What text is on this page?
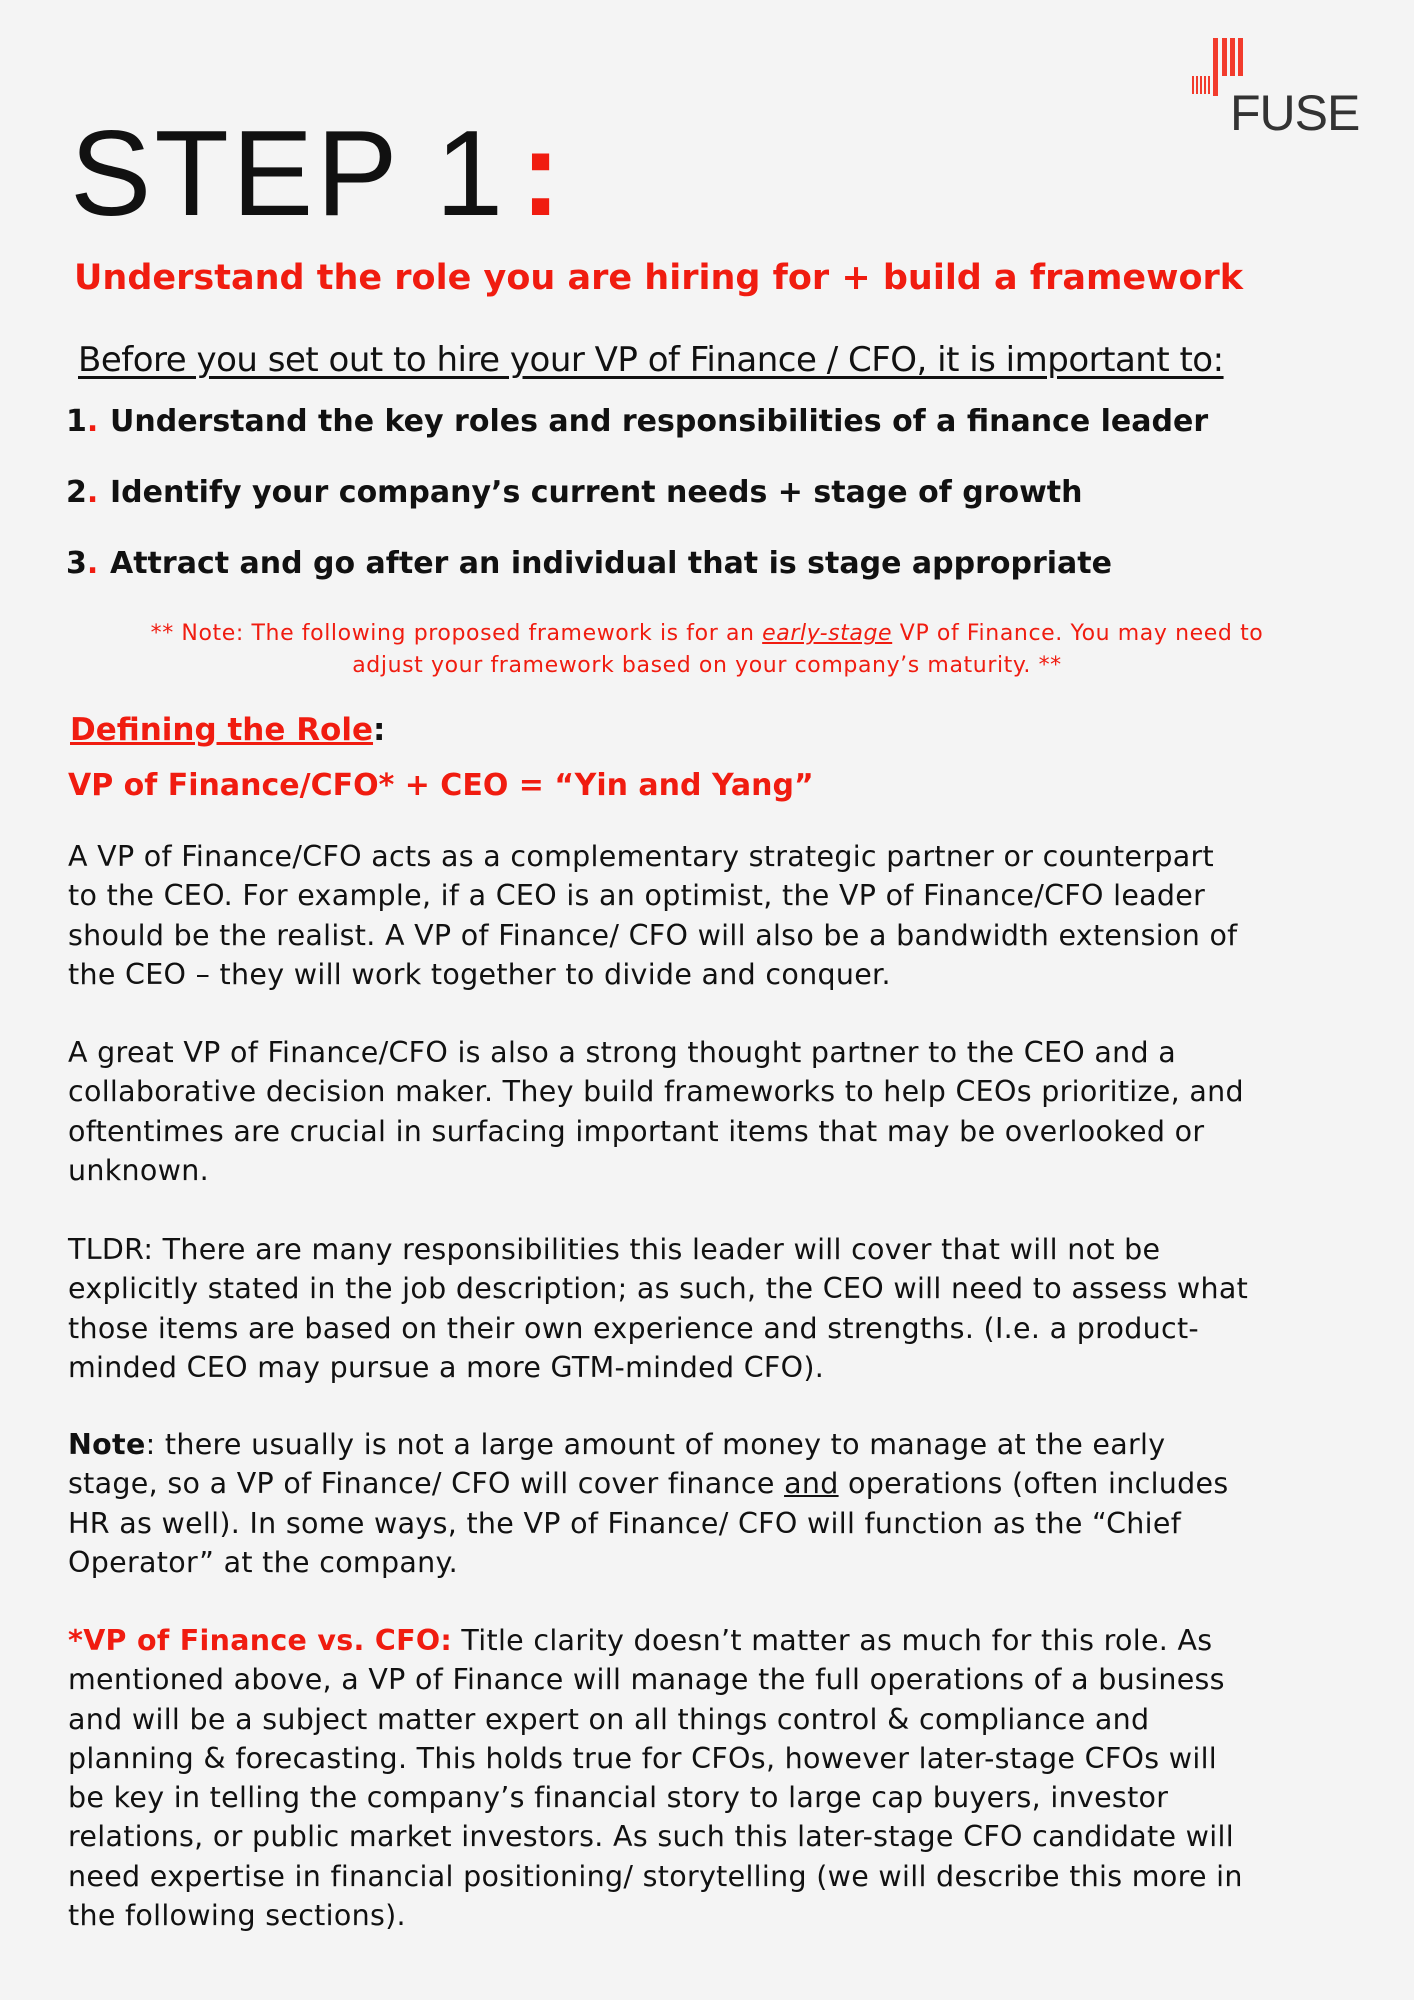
FUSE
STEP 1 :
Understand the role you are hiring for + build a framework
Before you set out to hire your VP of Finance / CFO, it is important to:
1. Understand the key roles and responsibilities of a finance leader
2. Identify your company’s current needs + stage of growth
3. Attract and go after an individual that is stage appropriate
** Note: The following proposed framework is for an early-stage VP of Finance. You may need to
adjust your framework based on your company’s maturity. **
Defining the Role:
VP of Finance/CFO* + CEO = “Yin and Yang”
A VP of Finance/CFO acts as a complementary strategic partner or counterpart
to the CEO. For example, if a CEO is an optimist, the VP of Finance/CFO leader
should be the realist. A VP of Finance/ CFO will also be a bandwidth extension of
the CEO – they will work together to divide and conquer.
A great VP of Finance/CFO is also a strong thought partner to the CEO and a
collaborative decision maker. They build frameworks to help CEOs prioritize, and
oftentimes are crucial in surfacing important items that may be overlooked or
unknown.
TLDR: There are many responsibilities this leader will cover that will not be
explicitly stated in the job description; as such, the CEO will need to assess what
those items are based on their own experience and strengths. (I.e. a product-
minded CEO may pursue a more GTM-minded CFO).
Note: there usually is not a large amount of money to manage at the early
stage, so a VP of Finance/ CFO will cover finance and operations (often includes
HR as well). In some ways, the VP of Finance/ CFO will function as the “Chief
Operator” at the company.
*VP of Finance vs. CFO: Title clarity doesn’t matter as much for this role. As
mentioned above, a VP of Finance will manage the full operations of a business
and will be a subject matter expert on all things control & compliance and
planning & forecasting. This holds true for CFOs, however later-stage CFOs will
be key in telling the company’s financial story to large cap buyers, investor
relations, or public market investors. As such this later-stage CFO candidate will
need expertise in financial positioning/ storytelling (we will describe this more in
the following sections).
